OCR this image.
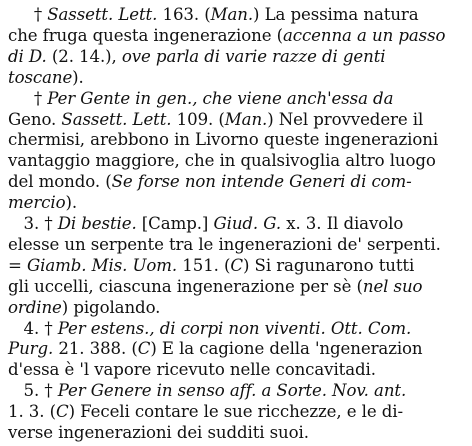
† Sassett. Lett. 163. (Man.) La pessima natura
che fruga questa ingenerazione (accenna a un passo
di D. (2. 14.), ove parla di varie razze di genti
toscane).
† Per Gente in gen., che viene anch'essa da
Geno. Sassett. Lett. 109. (Man.) Nel provvedere il
chermisi, arebbono in Livorno queste ingenerazioni
vantaggio maggiore, che in qualsivoglia altro luogo
del mondo. (Se forse non intende Generi di com-
mercio).
3. † Di bestie. [Camp.] Giud. G. x. 3. Il diavolo
elesse un serpente tra le ingenerazioni de' serpenti.
= Giamb. Mis. Uom. 151. (C) Si ragunarono tutti
gli uccelli, ciascuna ingenerazione per sè (nel suo
ordine) pigolando.
4. † Per estens., di corpi non viventi. Ott. Com.
Purg. 21. 388. (C) E la cagione della 'ngenerazion
d'essa è 'l vapore ricevuto nelle concavitadi.
5. † Per Genere in senso aff. a Sorte. Nov. ant.
1. 3. (C) Feceli contare le sue ricchezze, e le di-
verse ingenerazioni dei sudditi suoi.
